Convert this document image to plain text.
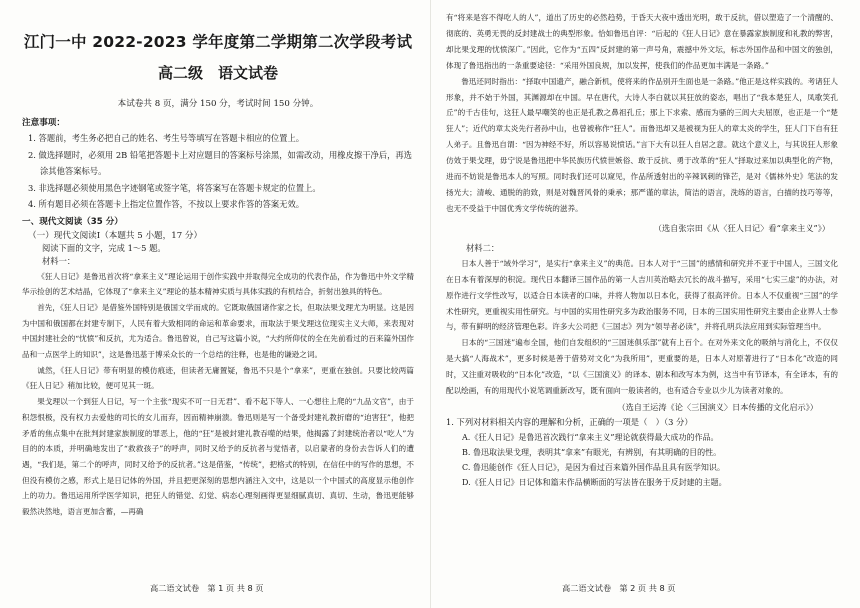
江门一中 2022-2023 学年度第二学期第二次学段考试
高二级　语文试卷
本试卷共 8 页，满分 150 分，考试时间 150 分钟。
注意事项：
1. 答题前，考生务必把自己的姓名、考生号等填写在答题卡相应的位置上。
2. 做选择题时，必须用 2B 铅笔把答题卡上对应题目的答案标号涂黑，如需改动，用橡皮擦干净后，再选涂其他答案标号。
3. 非选择题必须使用黑色字迹钢笔或签字笔，将答案写在答题卡规定的位置上。
4. 所有题目必须在答题卡上指定位置作答，不按以上要求作答的答案无效。
一、现代文阅读（35 分）
（一）现代文阅读Ⅰ（本题共 5 小题，17 分）
阅读下面的文字，完成 1～5 题。
材料一：

《狂人日记》是鲁迅首次将“拿来主义”理论运用于创作实践中并取得完全成功的代表作品，作为鲁迅中外文学精华示捡创的艺术结晶，它体现了“拿来主义”理论的基本精神实质与具体实践的有机结合，折射出独具的特色。

首先，《狂人日记》是借鉴外国特别是俄国文学而成的。它既取俄国诸作家之长，但取法果戈理尤为明显。这是因为中国和俄国都在封建专制下，人民有着大致相同的命运和革命要求，而取法于果戈理这位现实主义大师，来表现对中国封建社会的“忧愤”和反抗，尤为适合。鲁迅曾说，自己写这篇小说，“大约所仰仗的全在先前看过的百来篇外国作品和一点医学上的知识”，这是鲁迅基于博采众长的一个总结的注释，也是他的谦逊之词。

诚然，《狂人日记》带有明显的模仿痕迹，但读者无庸置疑，鲁迅不只是个“拿来”，更重在独创。只要比较两篇《狂人日记》稍加比较，便可见其一斑。

果戈理以一个到狂人日记，写一个主张“现实不可一日无君”、看不起下等人、一心想往上爬的“九品文官”，由于积怨恨极，没有权力去爱他的司长的女儿而弃，因而精神崩溃。鲁迅则是写一个备受封建礼教折磨的“迫害狂”，他把矛盾的焦点集中在批判封建家族制度的罪恶上，他的“狂”是被封建礼教吞噬的结果，他揭露了封建统治者以“吃人”为目的的本质，并明确地发出了“救救孩子”的呼声，同时又给予的反抗者与觉悟者，以启蒙者的身份去告诉人们的遭遇，“我们是，第二个的呼声，同时又给予的反抗者。”这是借鉴，“传统”，把格式的特别，在信任中的写作的思想，不但没有模仿之感，形式上是日记体的外国，并且把更深刻的思想内涵注入文中，这是以一个中国式的高度显示他创作上的功力。鲁迅运用所学医学知识，把狂人的错觉、幻觉、病态心理刻画得更显细腻真切、真切、生动，鲁迅更能够毅然决然地，语言更加含蓄，—再确

高二语文试卷　第 1 页 共 8 页

有“将来是容不得吃人的人”，道出了历史的必然趋势，于昏天大夜中透出光明，敢于反抗，借以塑造了一个清醒的、彻底的、英勇无畏的反封建战士的典型形象。恰如鲁迅自评：“后起的《狂人日记》意在暴露家族制度和礼教的弊害，却比果戈理的忧愤深广。”因此，它作为“五四”反封建的第一声号角，震撼中外文坛，标志外国作品和中国文的独创，体现了鲁迅指出的一条重要途径：“采用外国良规，加以发挥，使我们的作品更加丰满是一条路。”

鲁迅还同时指出：“择取中国遗产，融合新机，使将来的作品别开生面也是一条路。”他正是这样实践的。考诸狂人形象，并不始于外国，其渊源却在中国。早在唐代，大诗人李白就以其狂放的姿态，唱出了“我本楚狂人，凤歌笑孔丘”的千古佳句，这狂人最早嘲笑的也正是孔教之鼻祖孔丘；那上下求索、感而为骚的三闾大夫屈原，也正是一个“楚狂人”；近代的章太炎先行者孙中山，也曾被称作“狂人”。而鲁迅却又是被视为狂人的章太炎的学生，狂人门下自有狂人弟子。且鲁迅自谓：“因为神经不好，所以容易说愤话。”言下大有以狂人自居之意。就这个意义上，与其说狂人形象仿效于果戈理，毋宁说是鲁迅把中华民族历代愤世嫉俗、敢于反抗、勇于改革的“狂人”择取过来加以典型化的产物，进而不妨说是鲁迅本人的写照。同时我们还可以窥见，作品所透射出的辛辣讽刺的锋芒，是对《儒林外史》笔法的发扬光大；清峻、通脱的韵致，则是对魏晋风骨的秉承；那严谨的章法，简洁的语言，洗练的语言，白描的技巧等等，也无不受益于中国优秀文学传统的滋养。

（选自张宗田《从〈狂人日记〉看“拿来主义”》）
材料二：

日本人善于“域外学习”，是实行“拿来主义”的典范。日本人对于“三国”的感情和研究并不亚于中国人，三国文化在日本有着深厚的积淀。现代日本翻译三国作品的第一人吉川英治略去冗长的战斗描写，采用“七实三虚”的办法，对原作进行文学性改写，以适合日本读者的口味，并将人物加以日本化，获得了很高评价。日本人不仅重视“三国”的学术性研究，更重视实用性研究。与中国的实用性研究多为政治服务不同，日本的三国实用性研究主要由企业界人士参与，带有鲜明的经济管理色彩。许多大公司把《三国志》列为“领导者必读”，并将孔明兵法应用到实际管理当中。

日本的“三国迷”遍布全国，他们自发组织的“三国迷俱乐部”就有上百个。在对外来文化的吸纳与消化上，不仅仅是大搞“人海战术”，更多时候是善于借势对文化“为我所用”，更重要的是，日本人对原著进行了“日本化”改造的同时，又注重对吸收的“日本化”改造，“以《三国演义》的译本、剧本和改写本为例，这当中有节译本，有全译本，有的配以绘画，有的用现代小说笔调重新改写，既有面向一般读者的，也有适合专业以少儿为读者对象的。

（选自王运涛《论〈三国演义〉日本传播的文化启示》）
1. 下列对材料相关内容的理解和分析，正确的一项是（　）（3 分）
A.《狂人日记》是鲁迅首次践行“拿来主义”理论就获得最大成功的作品。
B. 鲁迅取法果戈理，表明其“拿来”有眼光，有辨别，有其明确的目的性。
C. 鲁迅能创作《狂人日记》，是因为看过百来篇外国作品且具有医学知识。
D.《狂人日记》日记体和篇末作品横断面的写法皆在服务于反封建的主题。
高二语文试卷　第 2 页 共 8 页
